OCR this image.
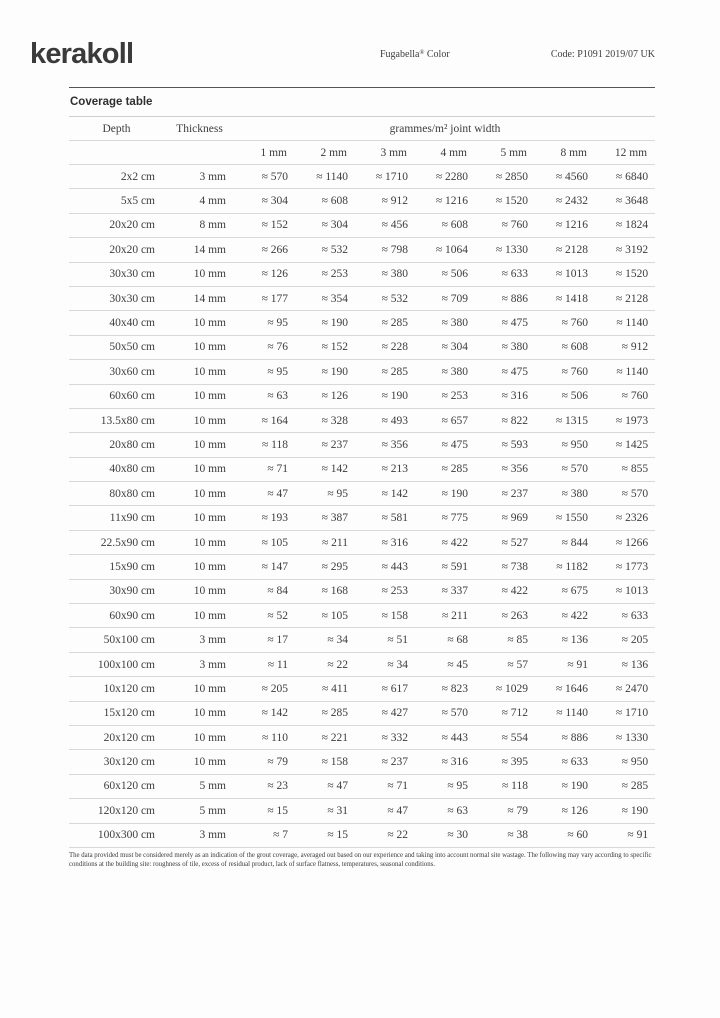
kerakoll	Fugabella® Color	Code: P1091 2019/07 UK
Coverage table
Depth	Thickness	grammes/m² joint width						
		1 mm	2 mm	3 mm	4 mm	5 mm	8 mm	12 mm
2x2 cm	3 mm	≈ 570	≈ 1140	≈ 1710	≈ 2280	≈ 2850	≈ 4560	≈ 6840
5x5 cm	4 mm	≈ 304	≈ 608	≈ 912	≈ 1216	≈ 1520	≈ 2432	≈ 3648
20x20 cm	8 mm	≈ 152	≈ 304	≈ 456	≈ 608	≈ 760	≈ 1216	≈ 1824
20x20 cm	14 mm	≈ 266	≈ 532	≈ 798	≈ 1064	≈ 1330	≈ 2128	≈ 3192
30x30 cm	10 mm	≈ 126	≈ 253	≈ 380	≈ 506	≈ 633	≈ 1013	≈ 1520
30x30 cm	14 mm	≈ 177	≈ 354	≈ 532	≈ 709	≈ 886	≈ 1418	≈ 2128
40x40 cm	10 mm	≈ 95	≈ 190	≈ 285	≈ 380	≈ 475	≈ 760	≈ 1140
50x50 cm	10 mm	≈ 76	≈ 152	≈ 228	≈ 304	≈ 380	≈ 608	≈ 912
30x60 cm	10 mm	≈ 95	≈ 190	≈ 285	≈ 380	≈ 475	≈ 760	≈ 1140
60x60 cm	10 mm	≈ 63	≈ 126	≈ 190	≈ 253	≈ 316	≈ 506	≈ 760
13.5x80 cm	10 mm	≈ 164	≈ 328	≈ 493	≈ 657	≈ 822	≈ 1315	≈ 1973
20x80 cm	10 mm	≈ 118	≈ 237	≈ 356	≈ 475	≈ 593	≈ 950	≈ 1425
40x80 cm	10 mm	≈ 71	≈ 142	≈ 213	≈ 285	≈ 356	≈ 570	≈ 855
80x80 cm	10 mm	≈ 47	≈ 95	≈ 142	≈ 190	≈ 237	≈ 380	≈ 570
11x90 cm	10 mm	≈ 193	≈ 387	≈ 581	≈ 775	≈ 969	≈ 1550	≈ 2326
22.5x90 cm	10 mm	≈ 105	≈ 211	≈ 316	≈ 422	≈ 527	≈ 844	≈ 1266
15x90 cm	10 mm	≈ 147	≈ 295	≈ 443	≈ 591	≈ 738	≈ 1182	≈ 1773
30x90 cm	10 mm	≈ 84	≈ 168	≈ 253	≈ 337	≈ 422	≈ 675	≈ 1013
60x90 cm	10 mm	≈ 52	≈ 105	≈ 158	≈ 211	≈ 263	≈ 422	≈ 633
50x100 cm	3 mm	≈ 17	≈ 34	≈ 51	≈ 68	≈ 85	≈ 136	≈ 205
100x100 cm	3 mm	≈ 11	≈ 22	≈ 34	≈ 45	≈ 57	≈ 91	≈ 136
10x120 cm	10 mm	≈ 205	≈ 411	≈ 617	≈ 823	≈ 1029	≈ 1646	≈ 2470
15x120 cm	10 mm	≈ 142	≈ 285	≈ 427	≈ 570	≈ 712	≈ 1140	≈ 1710
20x120 cm	10 mm	≈ 110	≈ 221	≈ 332	≈ 443	≈ 554	≈ 886	≈ 1330
30x120 cm	10 mm	≈ 79	≈ 158	≈ 237	≈ 316	≈ 395	≈ 633	≈ 950
60x120 cm	5 mm	≈ 23	≈ 47	≈ 71	≈ 95	≈ 118	≈ 190	≈ 285
120x120 cm	5 mm	≈ 15	≈ 31	≈ 47	≈ 63	≈ 79	≈ 126	≈ 190
100x300 cm	3 mm	≈ 7	≈ 15	≈ 22	≈ 30	≈ 38	≈ 60	≈ 91

The data provided must be considered merely as an indication of the grout coverage, averaged out based on our experience and taking into account normal site wastage. The following may vary according to specific conditions at the building site: roughness of tile, excess of residual product, lack of surface flatness, temperatures, seasonal conditions.
